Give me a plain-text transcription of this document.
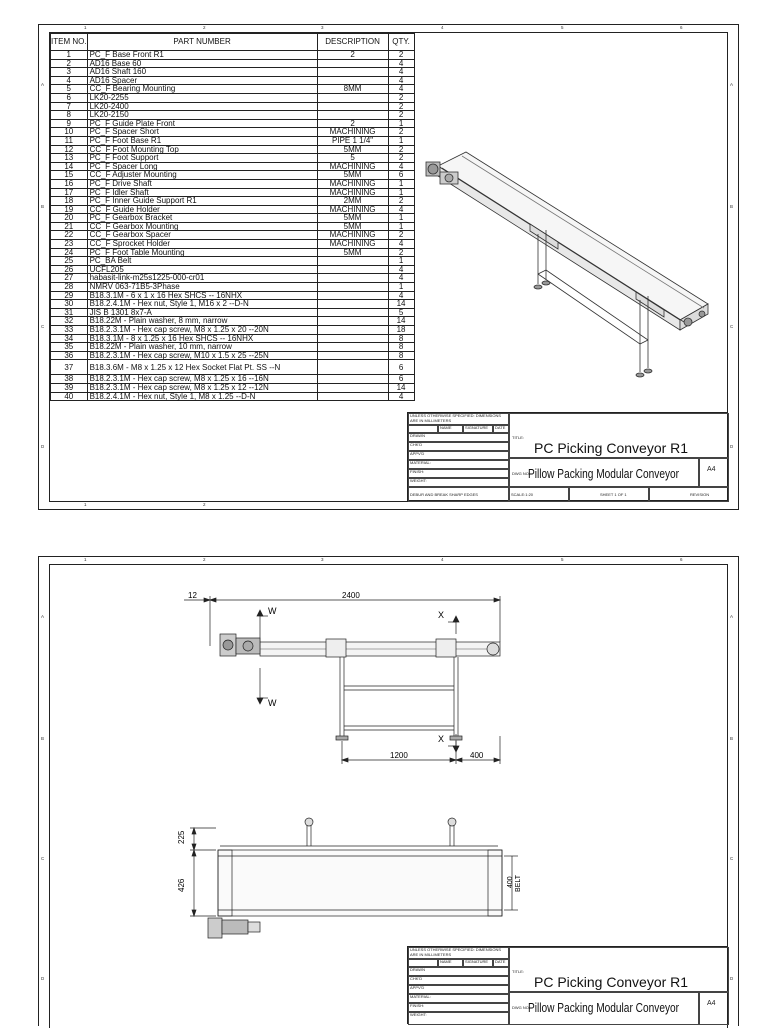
1	2	3	4	5	6
A
B
C
D
A
B
C
D
1	2
ITEM NO.	PART NUMBER	DESCRIPTION	QTY.
1	PC_F Base Front R1	2	2
2	AD16 Base 60		4
3	AD16 Shaft 160		4
4	AD16 Spacer		4
5	CC_F Bearing Mounting	8MM	4
6	LK20-2255		2
7	LK20-2400		2
8	LK20-2150		2
9	PC_F Guide Plate Front	2	1
10	PC_F Spacer Short	MACHINING	2
11	PC_F Foot Base R1	PIPE 1 1/4"	1
12	CC_F Foot Mounting Top	5MM	2
13	PC_F Foot Support	5	2
14	PC_F Spacer Long	MACHINING	4
15	CC_F Adjuster Mounting	5MM	6
16	PC_F Drive Shaft	MACHINING	1
17	PC_F Idler Shaft	MACHINING	1
18	PC_F Inner Guide Support R1	2MM	2
19	CC_F Guide Holder	MACHINING	4
20	PC_F Gearbox Bracket	5MM	1
21	CC_F Gearbox Mounting	5MM	1
22	CC_F Gearbox Spacer	MACHINING	2
23	CC_F Sprocket Holder	MACHINING	4
24	PC_F Foot Table Mounting	5MM	2
25	PC_BA Belt		1
26	UCFL205		4
27	habasit-link-m25s1225-000-cr01		4
28	NMRV 063-71B5-3Phase		1
29	B18.3.1M - 6 x 1 x 16 Hex SHCS -- 16NHX		4
30	B18.2.4.1M - Hex nut, Style 1, M16 x 2 --D-N		14
31	JIS B 1301 8x7-A		5
32	B18.22M - Plain washer, 8 mm, narrow		14
33	B18.2.3.1M - Hex cap screw, M8 x 1.25 x 20 --20N		18
34	B18.3.1M - 8 x 1.25 x 16 Hex SHCS -- 16NHX		8
35	B18.22M - Plain washer, 10 mm, narrow		8
36	B18.2.3.1M - Hex cap screw, M10 x 1.5 x 25 --25N		8
37	B18.3.6M - M8 x 1.25 x 12 Hex Socket Flat Pt. SS --N		6
38	B18.2.3.1M - Hex cap screw, M8 x 1.25 x 16 --16N		6
39	B18.2.3.1M - Hex cap screw, M8 x 1.25 x 12 --12N		14
40	B18.2.4.1M - Hex nut, Style 1, M8 x 1.25 --D-N		4
UNLESS OTHERWISE SPECIFIED: DIMENSIONS ARE IN MILLIMETERS
NAME	SIGNATURE	DATE
DRAWN
CHK'D
APPV'D
MATERIAL:
FINISH:
WEIGHT:
DEBUR AND BREAK SHARP EDGES
TITLE:
PC Picking Conveyor R1
DWG NO.
Pillow Packing Modular Conveyor	A4
SCALE:1:20	SHEET 1 OF 1	REVISION
1	2	3	4	5	6
A
B
C
D
A
B
C
D
2400
12
W
W
X
X
1200	400
225
426	400 BELT
UNLESS OTHERWISE SPECIFIED: DIMENSIONS ARE IN MILLIMETERS
NAME	SIGNATURE	DATE
DRAWN
CHK'D
APPV'D
MATERIAL:
FINISH:
WEIGHT:
TITLE:
PC Picking Conveyor R1
DWG NO.
Pillow Packing Modular Conveyor	A4
